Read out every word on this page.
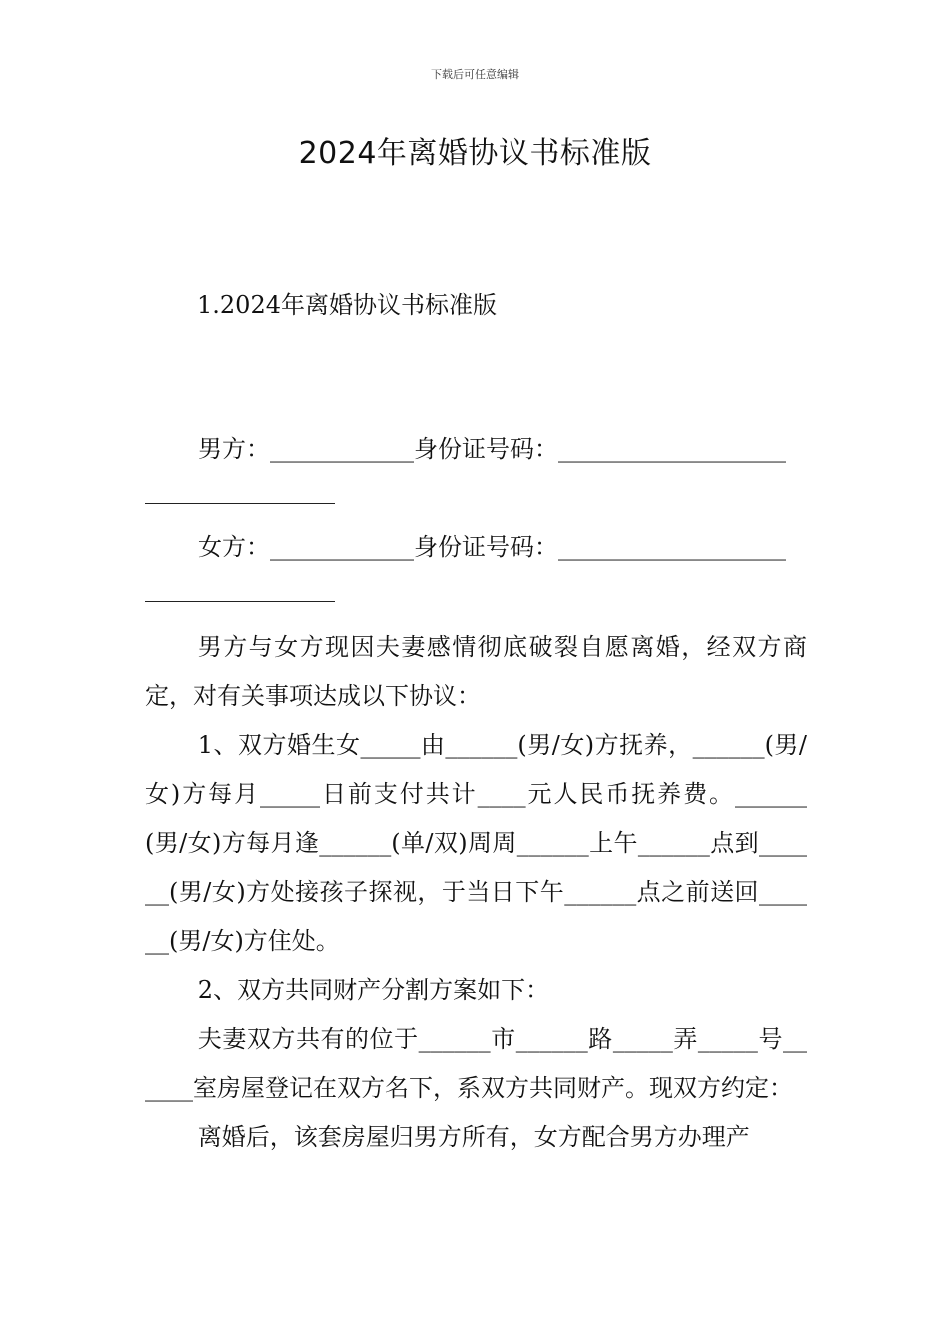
下载后可任意编辑
2024年离婚协议书标准版
1.2024年离婚协议书标准版
男方：____________身份证号码：___________________
女方：____________身份证号码：___________________

男方与女方现因夫妻感情彻底破裂自愿离婚，经双方商定，对有关事项达成以下协议：

1、双方婚生女_____由______(男/女)方抚养，______(男/女)方每月_____日前支付共计____元人民币抚养费。______(男/女)方每月逢______(单/双)周周______上午______点到______(男/女)方处接孩子探视，于当日下午______点之前送回______(男/女)方住处。

2、双方共同财产分割方案如下：

夫妻双方共有的位于______市______路_____弄_____号______室房屋登记在双方名下，系双方共同财产。现双方约定：

离婚后，该套房屋归男方所有，女方配合男方办理产
